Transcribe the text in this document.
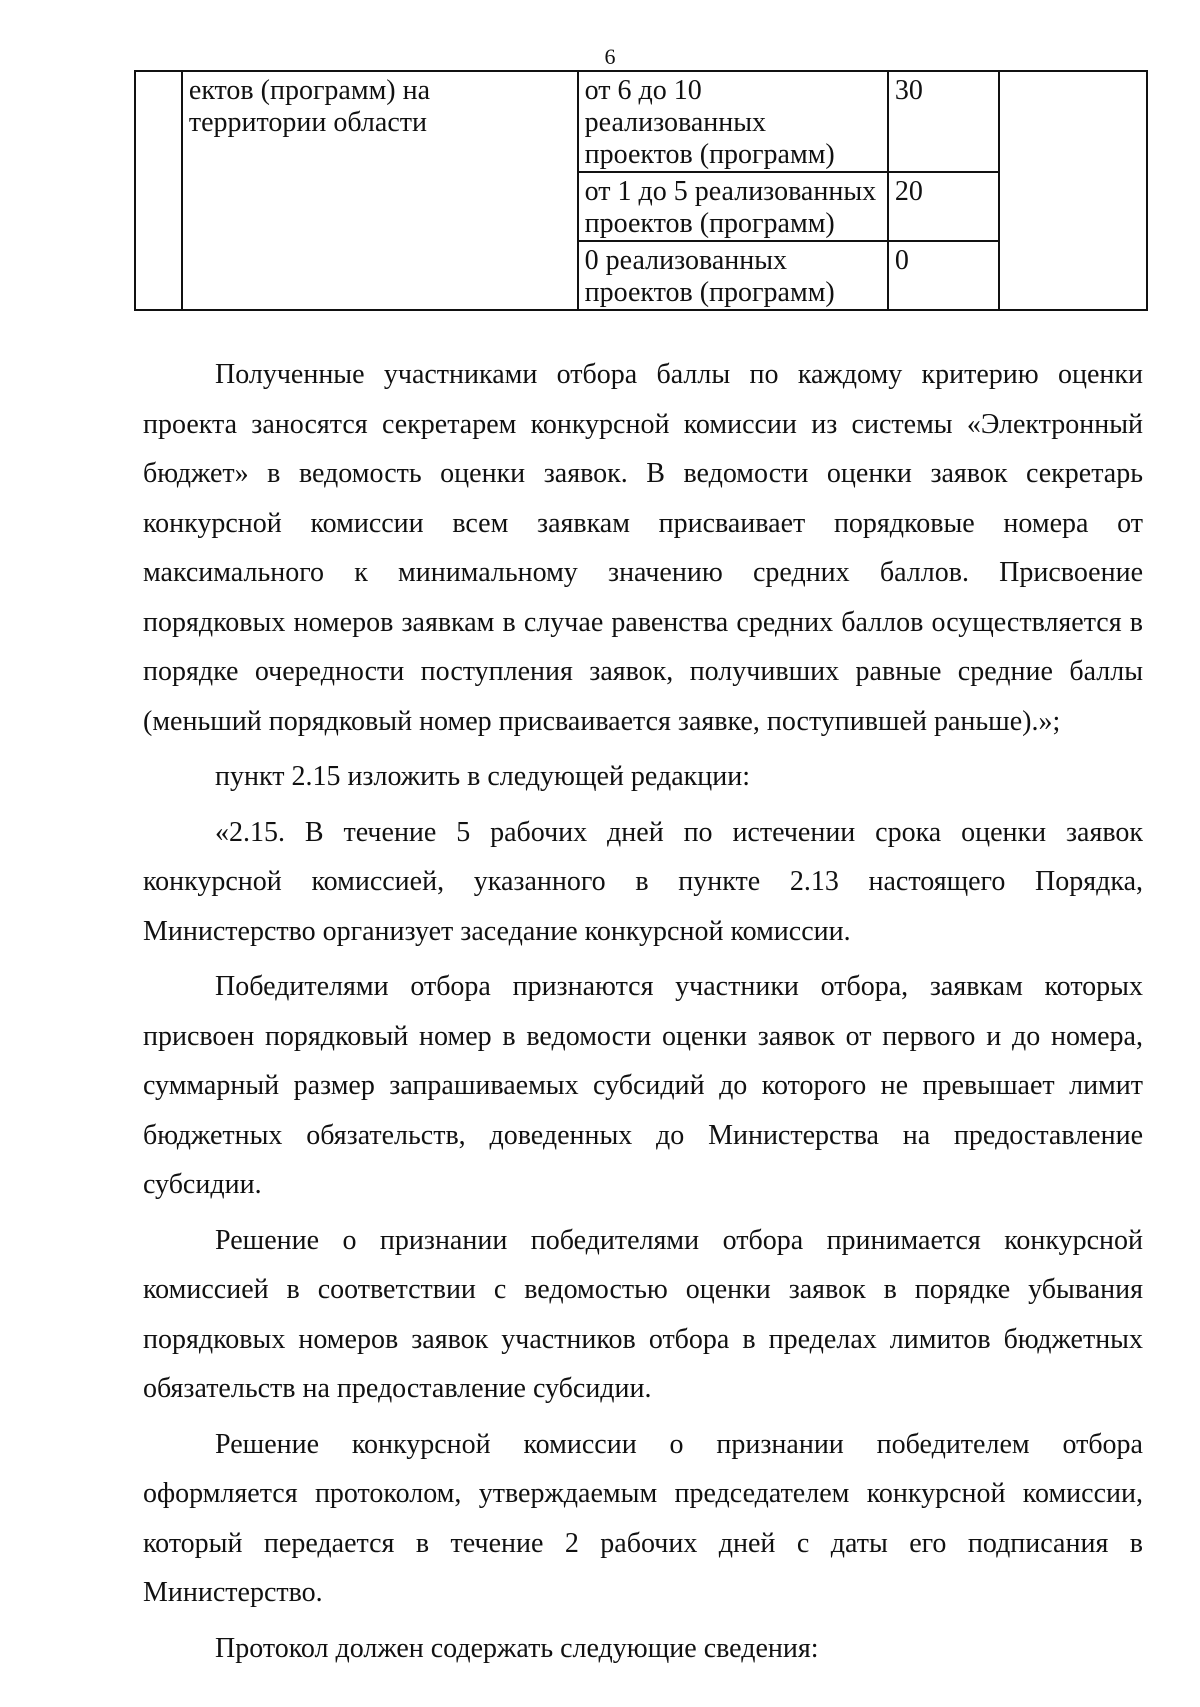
6
	ектов (программ) на территории области	от 6 до 10 реализованных проектов (программ)	30	
		от 1 до 5 реализованных проектов (программ)	20	
		0 реализованных проектов (программ)	0	

Полученные участниками отбора баллы по каждому критерию оценки проекта заносятся секретарем конкурсной комиссии из системы «Электронный бюджет» в ведомость оценки заявок. В ведомости оценки заявок секретарь конкурсной комиссии всем заявкам присваивает порядковые номера от максимального к минимальному значению средних баллов. Присвоение порядковых номеров заявкам в случае равенства средних баллов осуществляется в порядке очередности поступления заявок, получивших равные средние баллы (меньший порядковый номер присваивается заявке, поступившей раньше).»;

пункт 2.15 изложить в следующей редакции:

«2.15. В течение 5 рабочих дней по истечении срока оценки заявок конкурсной комиссией, указанного в пункте 2.13 настоящего Порядка, Министерство организует заседание конкурсной комиссии.

Победителями отбора признаются участники отбора, заявкам которых присвоен порядковый номер в ведомости оценки заявок от первого и до номера, суммарный размер запрашиваемых субсидий до которого не превышает лимит бюджетных обязательств, доведенных до Министерства на предоставление субсидии.

Решение о признании победителями отбора принимается конкурсной комиссией в соответствии с ведомостью оценки заявок в порядке убывания порядковых номеров заявок участников отбора в пределах лимитов бюджетных обязательств на предоставление субсидии.

Решение конкурсной комиссии о признании победителем отбора оформляется протоколом, утверждаемым председателем конкурсной комиссии, который передается в течение 2 рабочих дней с даты его подписания в Министерство.

Протокол должен содержать следующие сведения:
